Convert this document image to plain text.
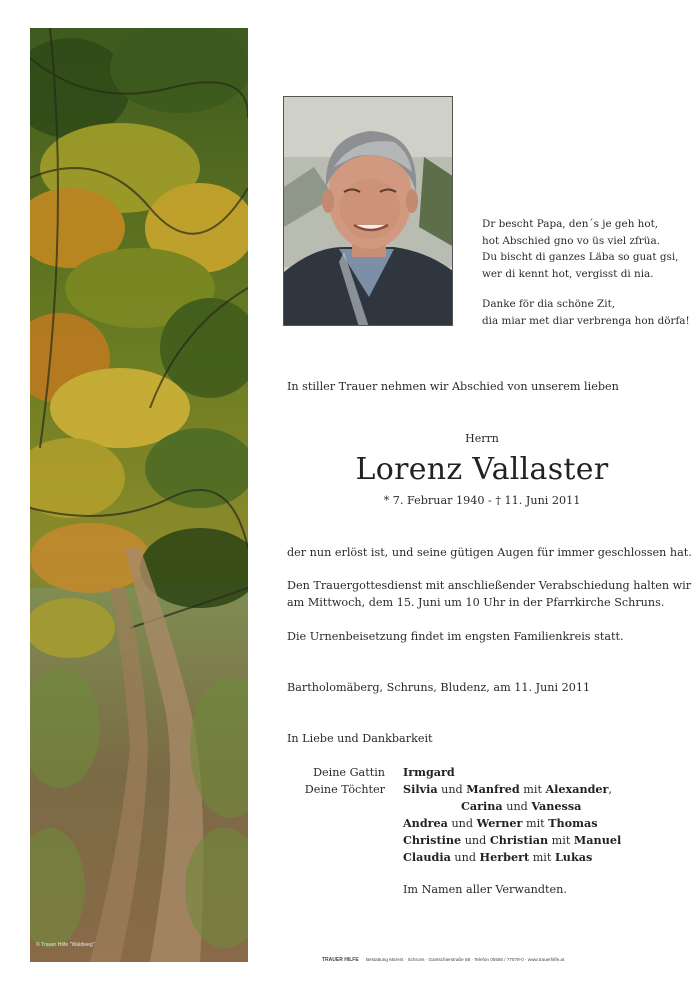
© Trauer Hilfe "Waldweg"

Dr bescht Papa, den´s je geh hot,
hot Abschied gno vo üs viel zfrüa.
Du bischt di ganzes Läba so guat gsi,
wer di kennt hot, vergisst di nia.

Danke för dia schöne Zit,
dia miar met diar verbrenga hon dörfa!

In stiller Trauer nehmen wir Abschied von unserem lieben
Herrn
Lorenz Vallaster
* 7. Februar 1940 - † 11. Juni 2011
der nun erlöst ist, und seine gütigen Augen für immer geschlossen hat.
Den Trauergottesdienst mit anschließender Verabschiedung halten wir
am Mittwoch, dem 15. Juni um 10 Uhr in der Pfarrkirche Schruns.
Die Urnenbeisetzung findet im engsten Familienkreis statt.
Bartholomäberg, Schruns, Bludenz, am 11. Juni 2011
In Liebe und Dankbarkeit
Deine Gattin Irmgard
Deine Töchter Silvia und Manfred mit Alexander,
Carina und Vanessa
Andrea und Werner mit Thomas
Christine und Christian mit Manuel
Claudia und Herbert mit Lukas
Im Namen aller Verwandten.
TRAUER HILFE Bestattung Marent · Schruns · Gantschierstraße 88 · Telefon 05556 / 77079-0 · www.trauerhilfe.at
